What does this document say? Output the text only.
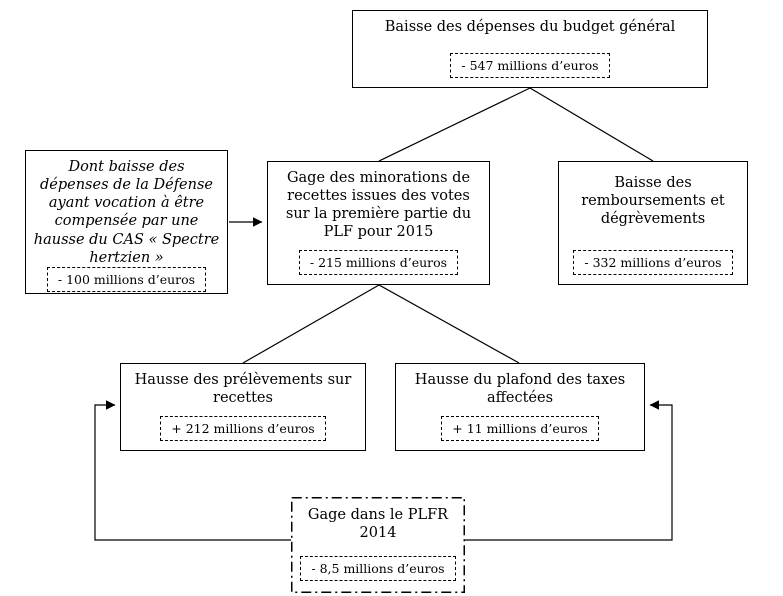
Baisse des dépenses du budget général
- 547 millions d’euros
Dont baisse des dépenses de la Défense ayant vocation à être compensée par une hausse du CAS « Spectre hertzien »
- 100 millions d’euros
Gage des minorations de recettes issues des votes sur la première partie du PLF pour 2015
- 215 millions d’euros
Baisse des remboursements et dégrèvements
- 332 millions d’euros
Hausse des prélèvements sur recettes
+ 212 millions d’euros
Hausse du plafond des taxes affectées
+ 11 millions d’euros
Gage dans le PLFR 2014
- 8,5 millions d’euros
